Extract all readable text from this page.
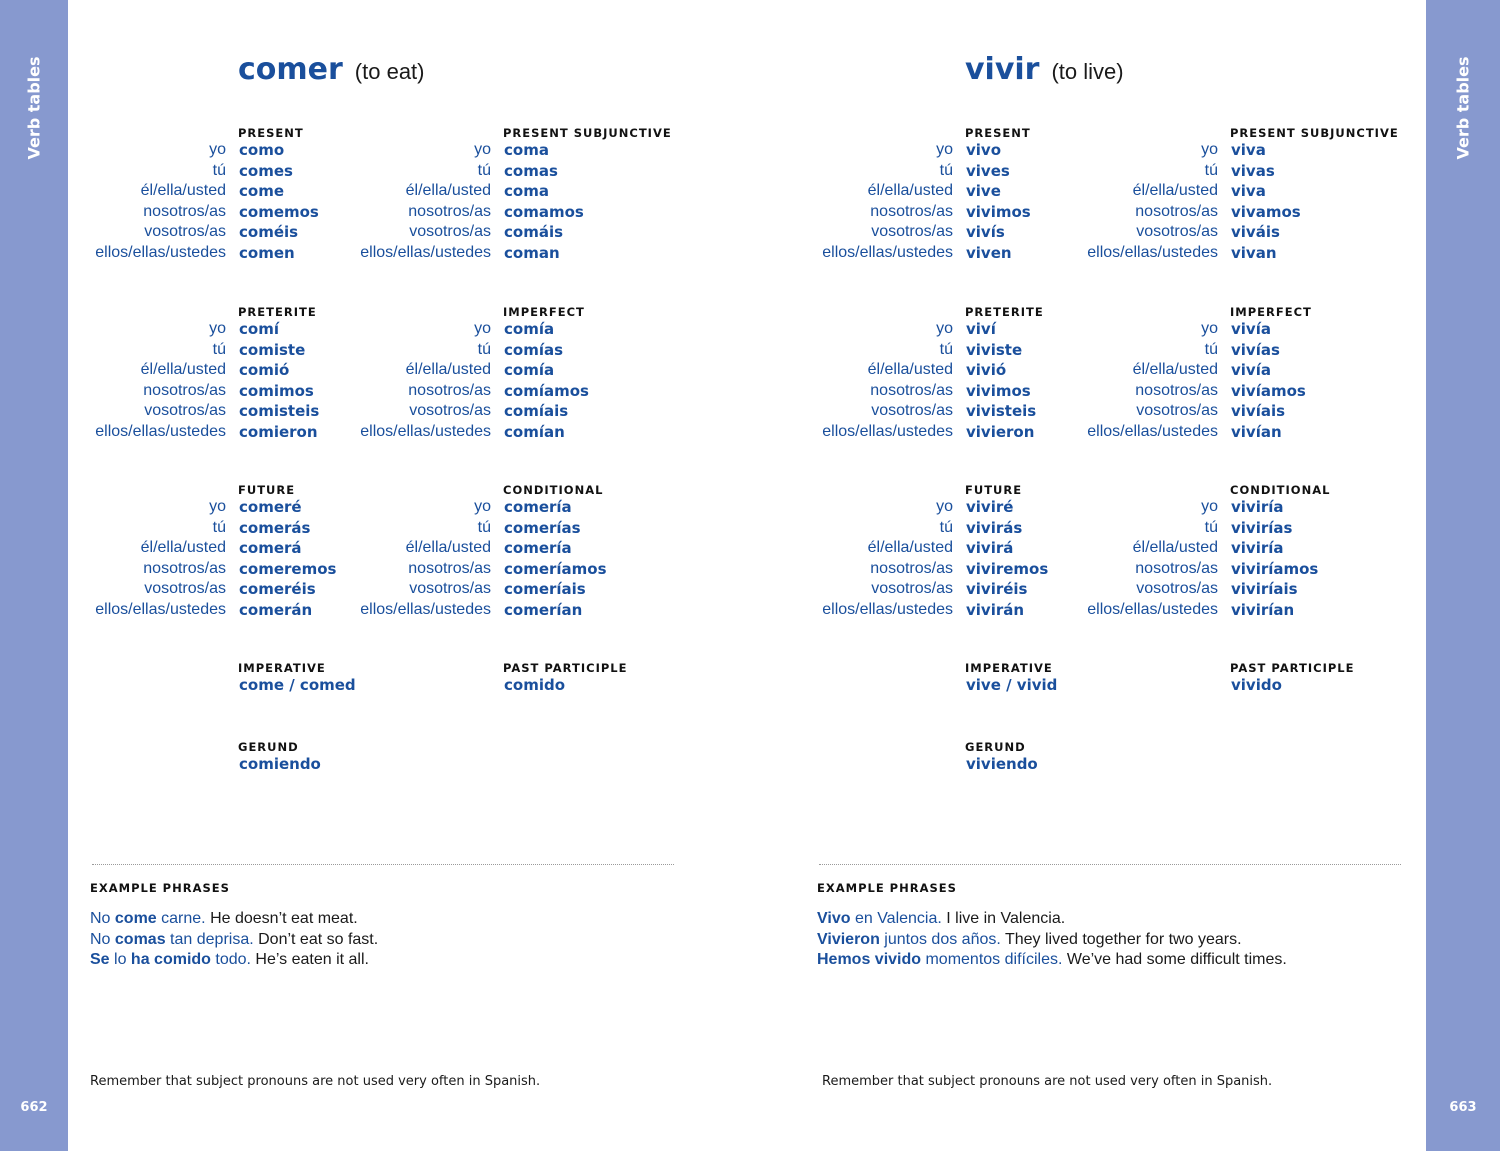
Verb tables
662
Verb tables
663
comer (to eat)
PRESENT
yo como
tú comes
él/ella/usted come
nosotros/as comemos
vosotros/as coméis
ellos/ellas/ustedes comen
PRESENT SUBJUNCTIVE
yo coma
tú comas
él/ella/usted coma
nosotros/as comamos
vosotros/as comáis
ellos/ellas/ustedes coman
PRETERITE
yo comí
tú comiste
él/ella/usted comió
nosotros/as comimos
vosotros/as comisteis
ellos/ellas/ustedes comieron
IMPERFECT
yo comía
tú comías
él/ella/usted comía
nosotros/as comíamos
vosotros/as comíais
ellos/ellas/ustedes comían
FUTURE
yo comeré
tú comerás
él/ella/usted comerá
nosotros/as comeremos
vosotros/as comeréis
ellos/ellas/ustedes comerán
CONDITIONAL
yo comería
tú comerías
él/ella/usted comería
nosotros/as comeríamos
vosotros/as comeríais
ellos/ellas/ustedes comerían
IMPERATIVE
come / comed
PAST PARTICIPLE
comido
GERUND
comiendo
EXAMPLE PHRASES
No come carne. He doesn’t eat meat.
No comas tan deprisa. Don’t eat so fast.
Se lo ha comido todo. He’s eaten it all.
Remember that subject pronouns are not used very often in Spanish.
vivir (to live)
PRESENT
yo vivo
tú vives
él/ella/usted vive
nosotros/as vivimos
vosotros/as vivís
ellos/ellas/ustedes viven
PRESENT SUBJUNCTIVE
yo viva
tú vivas
él/ella/usted viva
nosotros/as vivamos
vosotros/as viváis
ellos/ellas/ustedes vivan
PRETERITE
yo viví
tú viviste
él/ella/usted vivió
nosotros/as vivimos
vosotros/as vivisteis
ellos/ellas/ustedes vivieron
IMPERFECT
yo vivía
tú vivías
él/ella/usted vivía
nosotros/as vivíamos
vosotros/as vivíais
ellos/ellas/ustedes vivían
FUTURE
yo viviré
tú vivirás
él/ella/usted vivirá
nosotros/as viviremos
vosotros/as viviréis
ellos/ellas/ustedes vivirán
CONDITIONAL
yo viviría
tú vivirías
él/ella/usted viviría
nosotros/as viviríamos
vosotros/as viviríais
ellos/ellas/ustedes vivirían
IMPERATIVE
vive / vivid
PAST PARTICIPLE
vivido
GERUND
viviendo
EXAMPLE PHRASES
Vivo en Valencia. I live in Valencia.
Vivieron juntos dos años. They lived together for two years.
Hemos vivido momentos difíciles. We’ve had some difficult times.
Remember that subject pronouns are not used very often in Spanish.
